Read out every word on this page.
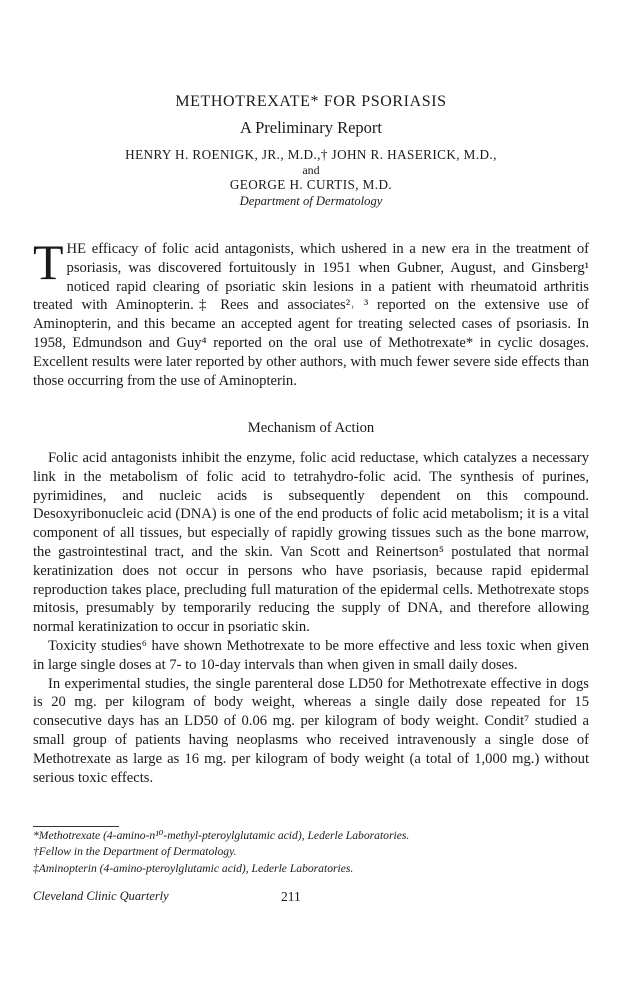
METHOTREXATE* FOR PSORIASIS
A Preliminary Report
HENRY H. ROENIGK, JR., M.D.,† JOHN R. HASERICK, M.D.,
and
GEORGE H. CURTIS, M.D.
Department of Dermatology

THE efficacy of folic acid antagonists, which ushered in a new era in the treatment of psoriasis, was discovered fortuitously in 1951 when Gubner, August, and Ginsberg¹ noticed rapid clearing of psoriatic skin lesions in a patient with rheumatoid arthritis treated with Aminopterin.‡ Rees and associates²˒ ³ reported on the extensive use of Aminopterin, and this became an accepted agent for treating selected cases of psoriasis. In 1958, Edmundson and Guy⁴ reported on the oral use of Methotrexate* in cyclic dosages. Excellent results were later reported by other authors, with much fewer severe side effects than those occurring from the use of Aminopterin.

Mechanism of Action

Folic acid antagonists inhibit the enzyme, folic acid reductase, which catalyzes a necessary link in the metabolism of folic acid to tetrahydro-folic acid. The synthesis of purines, pyrimidines, and nucleic acids is subsequently dependent on this compound. Desoxyribonucleic acid (DNA) is one of the end products of folic acid metabolism; it is a vital component of all tissues, but especially of rapidly growing tissues such as the bone marrow, the gastrointestinal tract, and the skin. Van Scott and Reinertson⁵ postulated that normal keratinization does not occur in persons who have psoriasis, because rapid epidermal reproduction takes place, precluding full maturation of the epidermal cells. Methotrexate stops mitosis, presumably by temporarily reducing the supply of DNA, and therefore allowing normal keratinization to occur in psoriatic skin.

Toxicity studies⁶ have shown Methotrexate to be more effective and less toxic when given in large single doses at 7- to 10-day intervals than when given in small daily doses.

In experimental studies, the single parenteral dose LD50 for Methotrexate effective in dogs is 20 mg. per kilogram of body weight, whereas a single daily dose repeated for 15 consecutive days has an LD50 of 0.06 mg. per kilogram of body weight. Condit⁷ studied a small group of patients having neoplasms who received intravenously a single dose of Methotrexate as large as 16 mg. per kilogram of body weight (a total of 1,000 mg.) without serious toxic effects.

*Methotrexate (4-amino-n¹⁰-methyl-pteroylglutamic acid), Lederle Laboratories.
†Fellow in the Department of Dermatology.
‡Aminopterin (4-amino-pteroylglutamic acid), Lederle Laboratories.
Cleveland Clinic Quarterly	211
